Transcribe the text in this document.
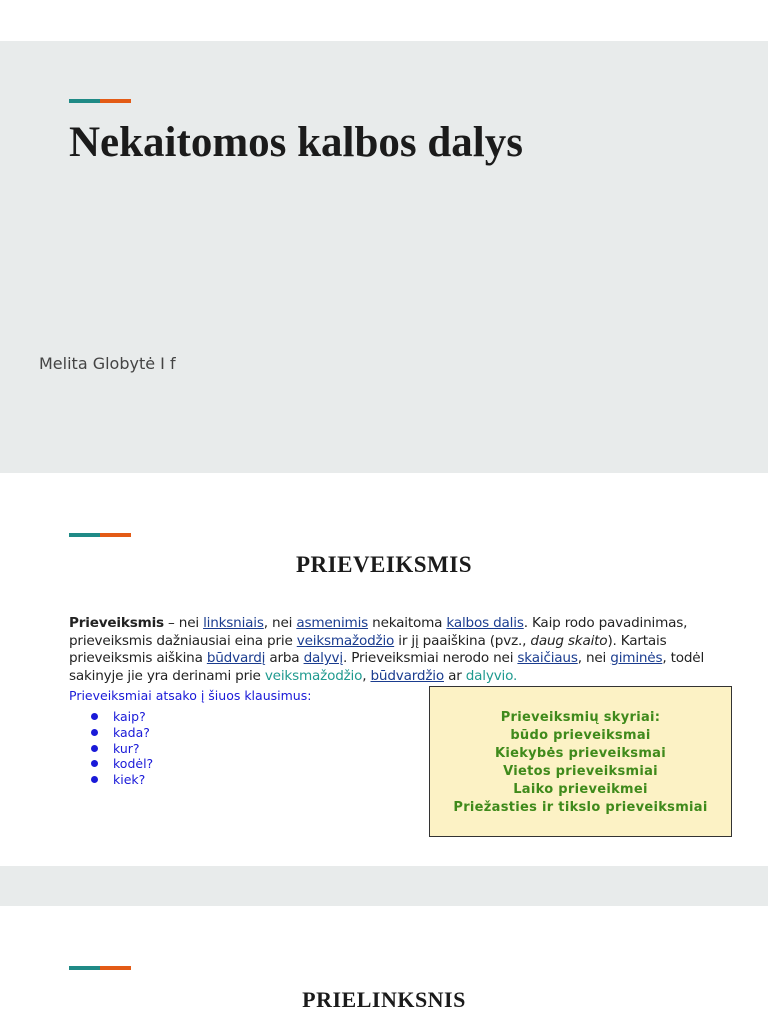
Nekaitomos kalbos dalys
Melita Globytė I f
PRIEVEIKSMIS
Prieveiksmis – nei linksniais, nei asmenimis nekaitoma kalbos dalis. Kaip rodo pavadinimas, prieveiksmis dažniausiai eina prie veiksmažodžio ir jį paaiškina (pvz., daug skaito). Kartais prieveiksmis aiškina būdvardį arba dalyvį. Prieveiksmiai nerodo nei skaičiaus, nei giminės, todėl sakinyje jie yra derinami prie veiksmažodžio, būdvardžio ar dalyvio.
Prieveiksmiai atsako į šiuos klausimus:
kaip?
kada?
kur?
kodėl?
kiek?
Prieveiksmių skyriai:
būdo prieveiksmai
Kiekybės prieveiksmai
Vietos prieveiksmiai
Laiko prieveikmei
Priežasties ir tikslo prieveiksmiai
PRIELINKSNIS
